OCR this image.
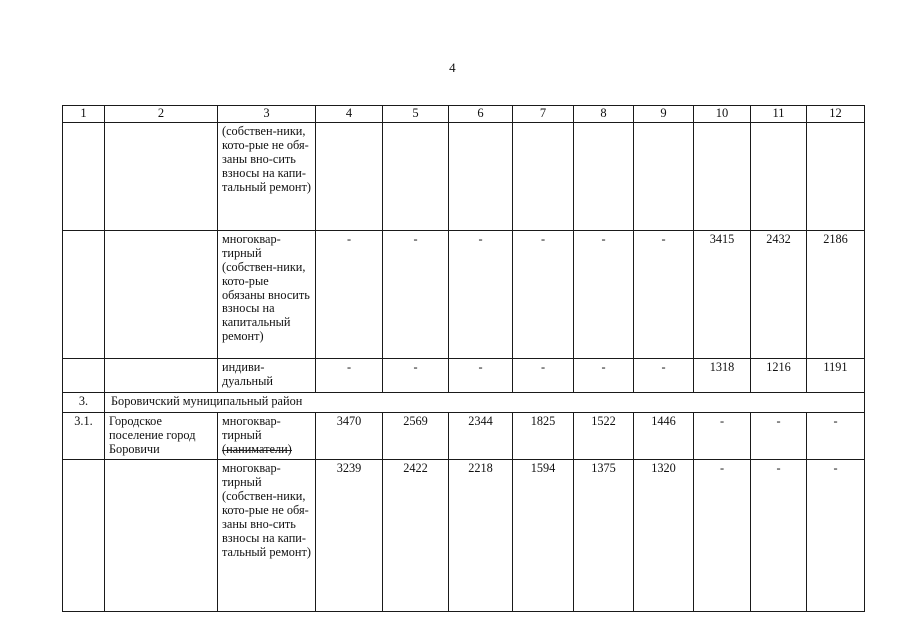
4
1	2	3	4	5	6	7	8	9	10	11	12
		(собствен-ники, кото-рые не обя-заны вно-сить взносы на капи-тальный ремонт)									
		многоквар-тирный (собствен-ники, кото-рые обязаны вносить взносы на капитальный ремонт)	-	-	-	-	-	-	3415	2432	2186
		индиви-дуальный	-	-	-	-	-	-	1318	1216	1191
3.	Боровичский муниципальный район										
3.1.	Городское поселение город Боровичи	многоквар-тирный (наниматели)	3470	2569	2344	1825	1522	1446	-	-	-
		многоквар-тирный (собствен-ники, кото-рые не обя-заны вно-сить взносы на капи-тальный ремонт)	3239	2422	2218	1594	1375	1320	-	-	-
